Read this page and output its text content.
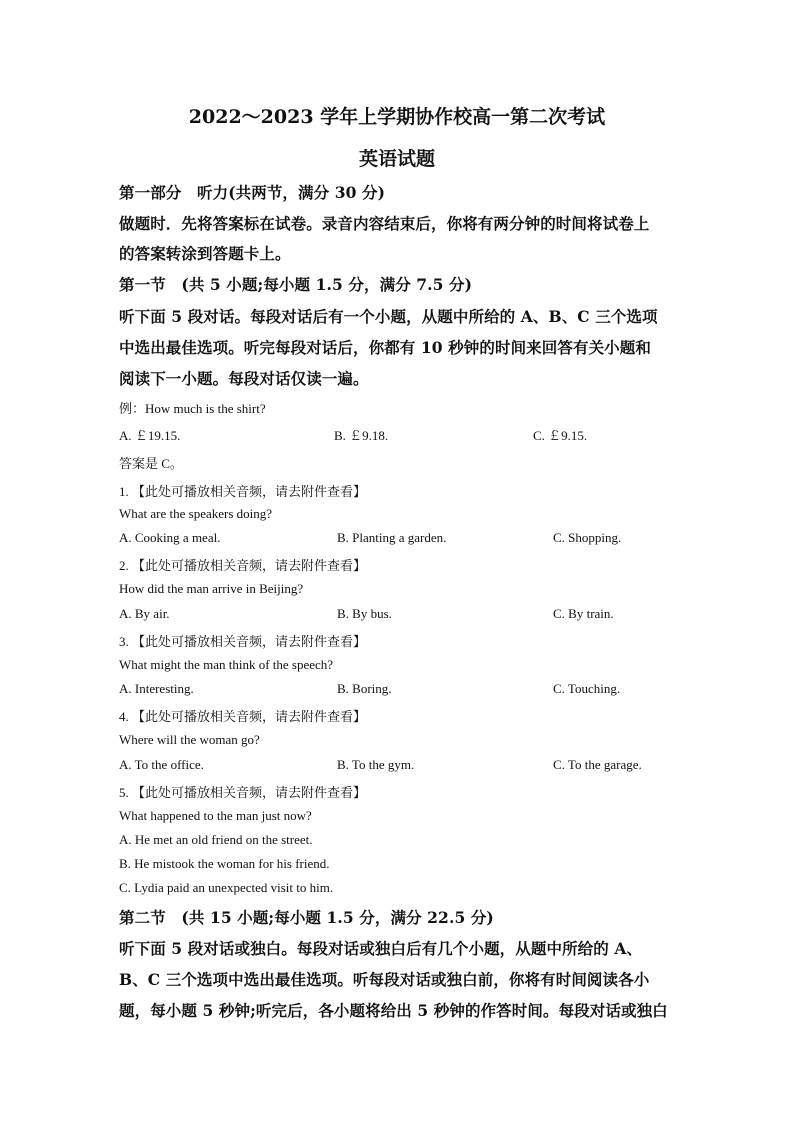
2022～2023 学年上学期协作校高一第二次考试
英语试题
第一部分　听力(共两节，满分 30 分)
做题时．先将答案标在试卷。录音内容结束后，你将有两分钟的时间将试卷上
的答案转涂到答题卡上。
第一节　(共 5 小题;每小题 1.5 分，满分 7.5 分)
听下面 5 段对话。每段对话后有一个小题，从题中所给的 A、B、C 三个选项
中选出最佳选项。听完每段对话后，你都有 10 秒钟的时间来回答有关小题和
阅读下一小题。每段对话仅读一遍。
例：How much is the shirt?
A. ￡19.15.	B. ￡9.18.	C. ￡9.15.
答案是 C。
1. 【此处可播放相关音频，请去附件查看】
What are the speakers doing?
A. Cooking a meal.	B. Planting a garden.	C. Shopping.
2. 【此处可播放相关音频，请去附件查看】
How did the man arrive in Beijing?
A. By air.	B. By bus.	C. By train.
3. 【此处可播放相关音频，请去附件查看】
What might the man think of the speech?
A. Interesting.	B. Boring.	C. Touching.
4. 【此处可播放相关音频，请去附件查看】
Where will the woman go?
A. To the office.	B. To the gym.	C. To the garage.
5. 【此处可播放相关音频，请去附件查看】
What happened to the man just now?
A. He met an old friend on the street.
B. He mistook the woman for his friend.
C. Lydia paid an unexpected visit to him.
第二节　(共 15 小题;每小题 1.5 分，满分 22.5 分)
听下面 5 段对话或独白。每段对话或独白后有几个小题，从题中所给的 A、
B、C 三个选项中选出最佳选项。听每段对话或独白前，你将有时间阅读各小
题，每小题 5 秒钟;听完后，各小题将给出 5 秒钟的作答时间。每段对话或独白
